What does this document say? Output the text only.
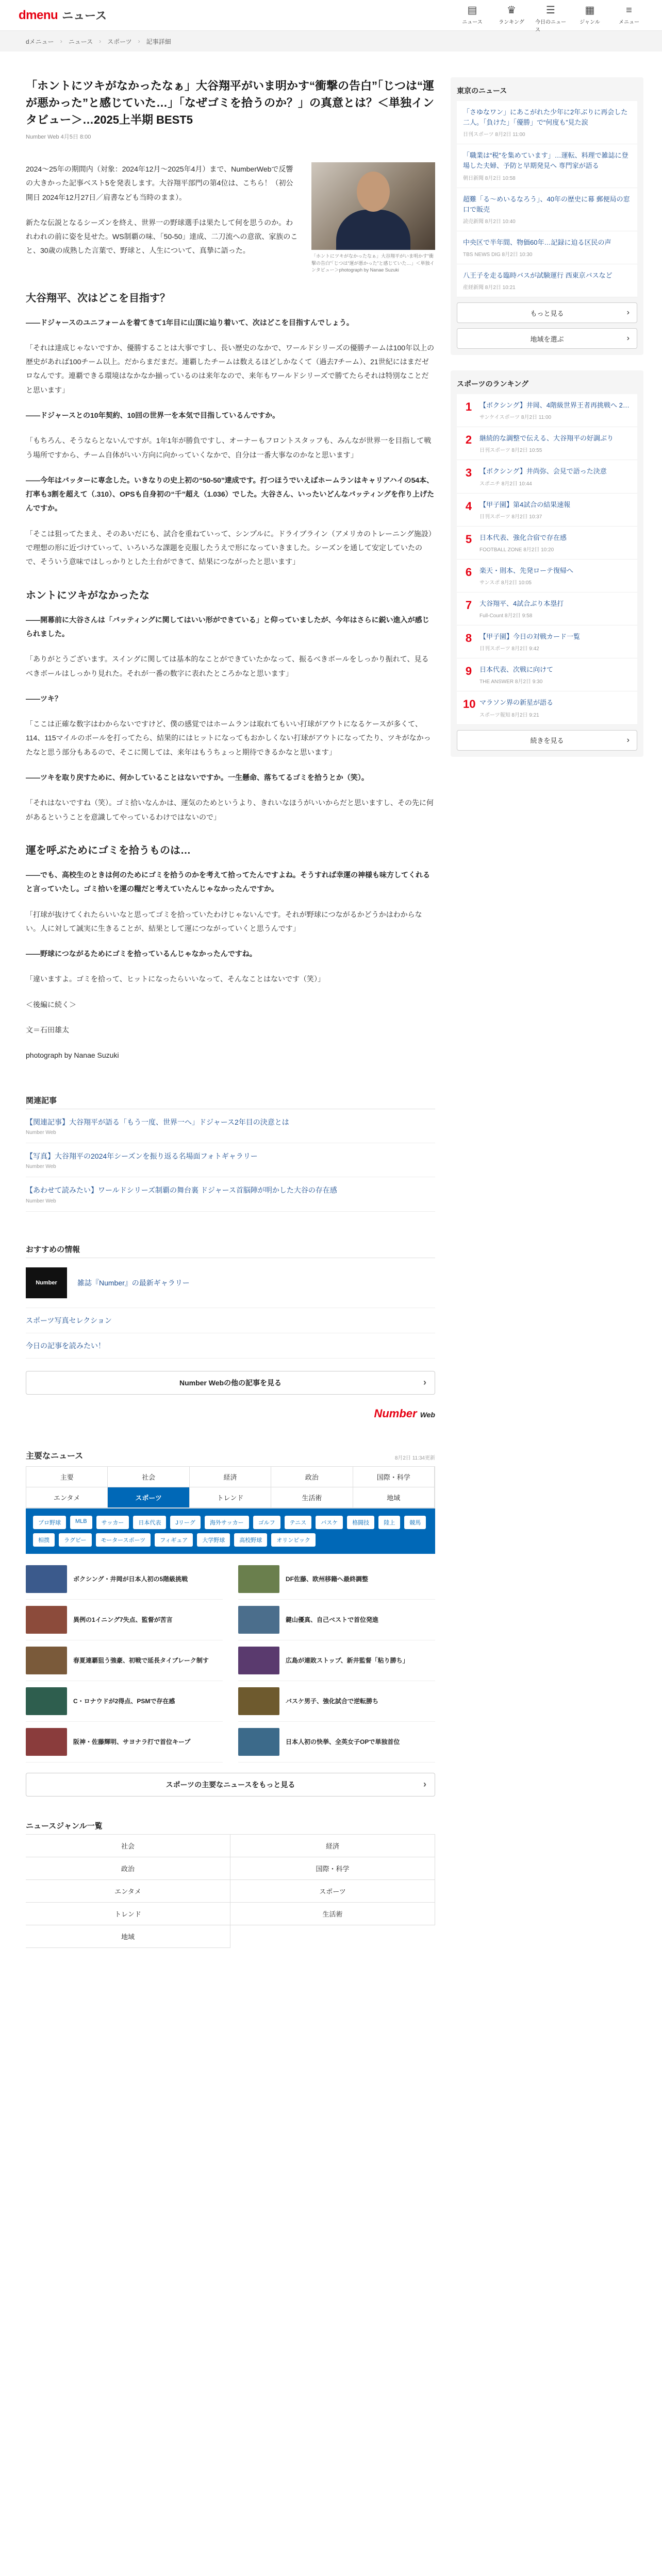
dmenu ニュース	▤
ニュース
♛
ランキング
☰
今日のニュース
▦
ジャンル
≡
メニュー
dメニュー › ニュース › スポーツ › 記事詳細
「ホントにツキがなかったなぁ」大谷翔平がいま明かす“衝撃の告白”「じつは“運が悪かった”と感じていた…」「なぜゴミを拾うのか？」の真意とは？＜単独インタビュー＞…2025上半期 BEST5
Number Web 4月5日 8:00

2024〜25年の期間内（対象：2024年12月〜2025年4月）まで、NumberWebで反響の大きかった記事ベスト5を発表します。大谷翔平部門の第4位は、こちら！（初公開日 2024年12月27日／肩書なども当時のまま）。

新たな伝説となるシーズンを終え、世界一の野球選手は果たして何を思うのか。われわれの前に姿を見せた。WS制覇の味、「50-50」達成、二刀流への意欲、家族のこと、30歳の成熟した言葉で、野球と、人生について、真摯に語った。

「ホントにツキがなかったなぁ」大谷翔平がいま明かす“衝撃の告白”「じつは“運が悪かった”と感じていた…」＜単独インタビュー＞photograph by Nanae Suzuki
大谷翔平、次はどこを目指す？

――ドジャースのユニフォームを着てきて1年目に山頂に辿り着いて、次はどこを目指すんでしょう。

「それは達成じゃないですか、優勝することは大事ですし、長い歴史のなかで、ワールドシリーズの優勝チームは100年以上の歴史があれば100チーム以上。だからまだまだ。連覇したチームは数えるほどしかなくて（過去7チーム）、21世紀にはまだゼロなんです。連覇できる環境はなかなか揃っているのは来年なので、来年もワールドシリーズで勝てたらそれは特別なことだと思います」

――ドジャースとの10年契約、10回の世界一を本気で目指しているんですか。

「もちろん、そうならとないんですが。1年1年が勝負ですし、オーナーもフロントスタッフも、みんなが世界一を目指して戦う場所ですから、チーム自体がいい方向に向かっていくなかで、自分は一番大事なのかなと思います」

――今年はバッターに専念した。いきなりの史上初の“50-50”達成です。打つほうでいえばホームランはキャリアハイの54本、打率も3割を超えて（.310）、OPSも自身初の“千”超え（1.036）でした。大谷さん、いったいどんなバッティングを作り上げたんですか。

「そこは狙ってたまえ、そのあいだにも、試合を重ねていって、シンプルに。ドライブライン（アメリカのトレーニング施設）で理想の形に近づけていって、いろいろな課題を克服したうえで形になっていきました。シーズンを通して安定していたので、そういう意味ではしっかりとした土台ができて、結果につながったと思います」

ホントにツキがなかったな

――開幕前に大谷さんは「バッティングに関してはいい形ができている」と仰っていましたが、今年はさらに鋭い進入が感じられました。

「ありがとうございます。スイングに関しては基本的なことができていたかなって、振るべきボールをしっかり振れて、見るべきボールはしっかり見れた。それが一番の数字に表れたところかなと思います」

――ツキ？

「ここは正確な数字はわからないですけど、僕の感覚ではホームランは取れてもいい打球がアウトになるケースが多くて、114、115マイルのボールを打ってたら、結果的にはヒットになってもおかしくない打球がアウトになってたり、ツキがなかったなと思う部分もあるので、そこに関しては、来年はもうちょっと期待できるかなと思います」

――ツキを取り戻すために、何かしていることはないですか。一生懸命、落ちてるゴミを拾うとか（笑）。

「それはないですね（笑）。ゴミ拾いなんかは、運気のためというより、きれいなほうがいいからだと思いますし、その先に何があるということを意識してやっているわけではないので」

運を呼ぶためにゴミを拾うものは…

――でも、高校生のときは何のためにゴミを拾うのかを考えて拾ってたんですよね。そうすれば幸運の神様も味方してくれると言っていたし。ゴミ拾いを運の糧だと考えていたんじゃなかったんですか。

「打球が抜けてくれたらいいなと思ってゴミを拾っていたわけじゃないんです。それが野球につながるかどうかはわからない。人に対して誠実に生きることが、結果として運につながっていくと思うんです」

――野球につながるためにゴミを拾っているんじゃなかったんですね。

「違いますよ。ゴミを拾って、ヒットになったらいいなって、そんなことはないです（笑）」

＜後編に続く＞

文＝石田雄太

photograph by Nanae Suzuki

関連記事
【関連記事】大谷翔平が語る「もう一度、世界一へ」ドジャース2年目の決意とは
Number Web
【写真】大谷翔平の2024年シーズンを振り返る名場面フォトギャラリー
Number Web
【あわせて読みたい】ワールドシリーズ制覇の舞台裏 ドジャース首脳陣が明かした大谷の存在感
Number Web
おすすめの情報
Number	雑誌『Number』の最新ギャラリー
スポーツ写真セレクション
今日の記事を読みたい！
Number Webの他の記事を見る ›
Number Web
主要なニュース	8月2日 11:34更新
主要	社会	経済	政治	国際・科学
エンタメ	スポーツ	トレンド	生活術	地域
プロ野球	MLB	サッカー	日本代表	Jリーグ	海外サッカー	ゴルフ	テニス	バスケ	格闘技	陸上	競馬
相撲	ラグビー	モータースポーツ	フィギュア	大学野球	高校野球	オリンピック
ボクシング・井岡が日本人初の5階級挑戦	DF佐藤、欧州移籍へ最終調整
異例の1イニング7失点、監督が苦言	鍵山優真、自己ベストで首位発進
春夏連覇狙う強豪、初戦で延長タイブレーク制す	広島が連敗ストップ、新井監督「粘り勝ち」
C・ロナウドが2得点、PSMで存在感	バスケ男子、強化試合で逆転勝ち
阪神・佐藤輝明、サヨナラ打で首位キープ	日本人初の快挙、全英女子OPで単独首位
スポーツの主要なニュースをもっと見る ›
ニュースジャンル一覧
社会	経済
政治	国際・科学
エンタメ	スポーツ
トレンド	生活術
地域
東京のニュース
「さゆなワン」にあこがれた少年に2年ぶりに再会した二人。「負けた」「優勝」で“何度も”見た涙
日刊スポーツ 8月2日 11:00
「職業は“税”を集めています」…運転、料理で雑誌に登場した夫婦、予防と早期発見へ 専門家が語る
朝日新聞 8月2日 10:58
超難「る〜めいるなろう」、40年の歴史に幕 郵便局の窓口で販売
読売新聞 8月2日 10:40
中央区で半年間、物価60年…記録に迫る区民の声
TBS NEWS DIG 8月2日 10:30
八王子を走る臨時バスが試験運行 西東京バスなど
産経新聞 8月2日 10:21
もっと見る ›
地域を選ぶ ›
スポーツのランキング
1	【ボクシング】井岡、4階級世界王者再挑戦へ 2…
サンケイスポーツ 8月2日 11:00
2	継続的な調整で伝える、大谷翔平の好調ぶり
日刊スポーツ 8月2日 10:55
3	【ボクシング】井尚弥、会見で語った決意
スポニチ 8月2日 10:44
4	【甲子園】第4試合の結果速報
日刊スポーツ 8月2日 10:37
5	日本代表、強化合宿で存在感
FOOTBALL ZONE 8月2日 10:20
6	楽天・則本、先発ローテ復帰へ
サンスポ 8月2日 10:05
7	大谷翔平、4試合ぶり本塁打
Full-Count 8月2日 9:58
8	【甲子園】今日の対戦カード一覧
日刊スポーツ 8月2日 9:42
9	日本代表、次戦に向けて
THE ANSWER 8月2日 9:30
10 マラソン界の新星が語る
スポーツ報知 8月2日 9:21
続きを見る ›
